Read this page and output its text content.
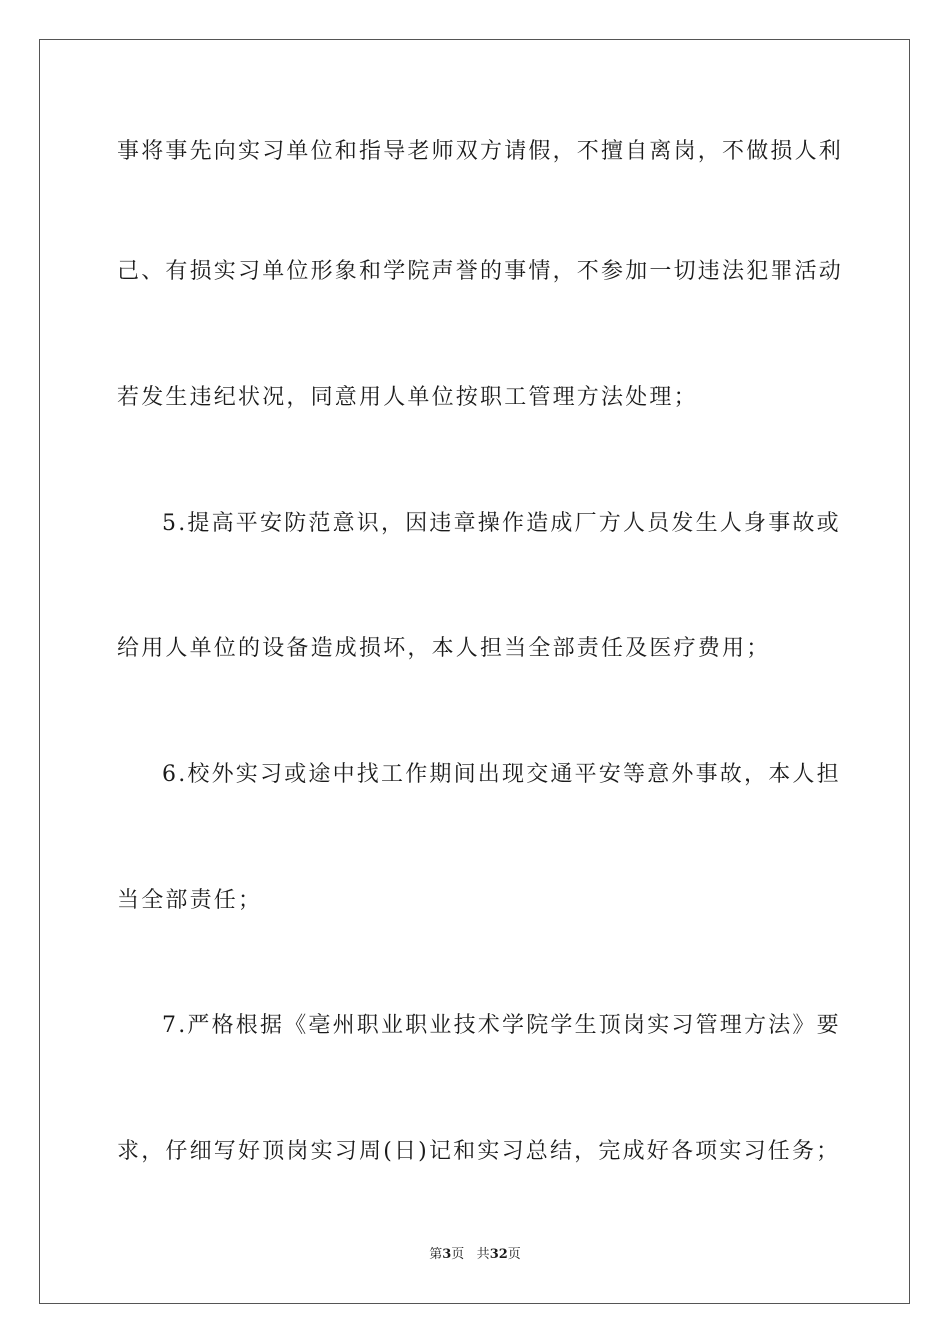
事将事先向实习单位和指导老师双方请假，不擅自离岗，不做损人利
己、有损实习单位形象和学院声誉的事情，不参加一切违法犯罪活动
若发生违纪状况，同意用人单位按职工管理方法处理；
5.提高平安防范意识，因违章操作造成厂方人员发生人身事故或
给用人单位的设备造成损坏，本人担当全部责任及医疗费用；
6.校外实习或途中找工作期间出现交通平安等意外事故，本人担
当全部责任；
7.严格根据《亳州职业职业技术学院学生顶岗实习管理方法》要
求，仔细写好顶岗实习周(日)记和实习总结，完成好各项实习任务；
第3页 共32页
